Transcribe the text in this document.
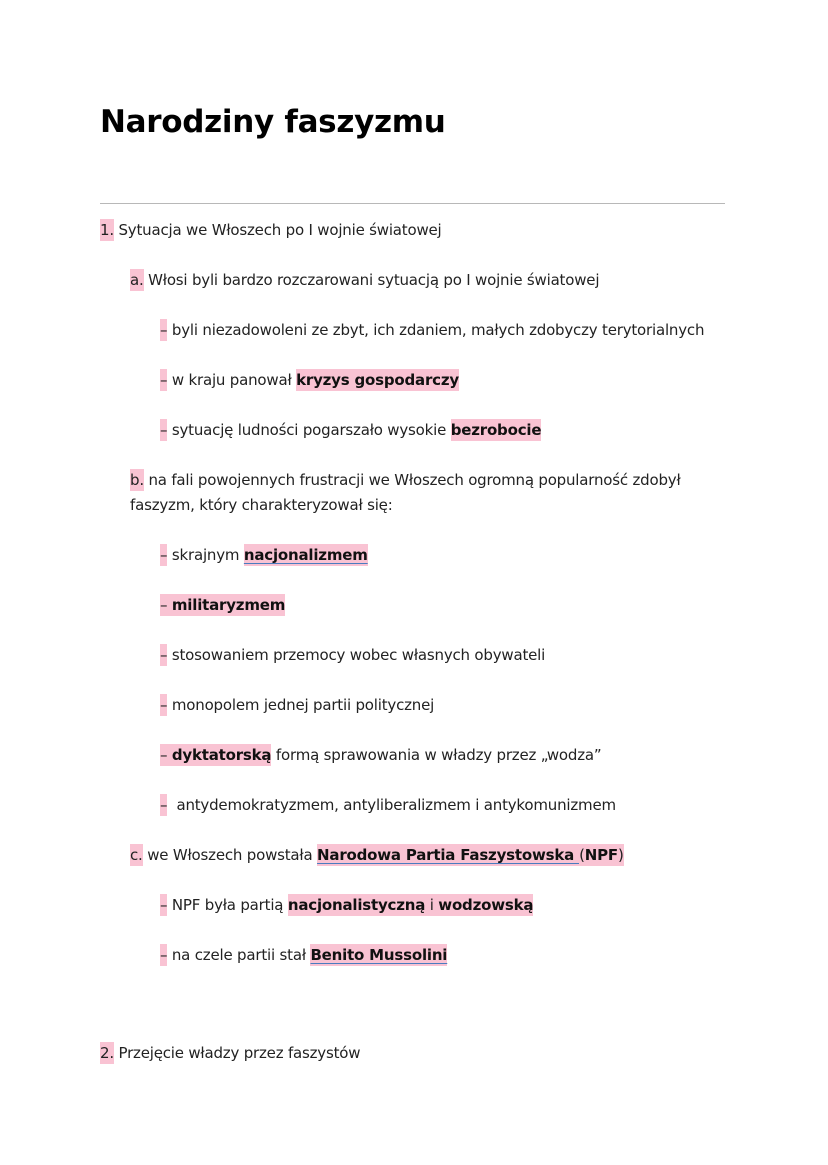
Narodziny faszyzmu
1. Sytuacja we Włoszech po I wojnie światowej
a. Włosi byli bardzo rozczarowani sytuacją po I wojnie światowej
– byli niezadowoleni ze zbyt, ich zdaniem, małych zdobyczy terytorialnych
– w kraju panował kryzys gospodarczy
– sytuację ludności pogarszało wysokie bezrobocie
b. na fali powojennych frustracji we Włoszech ogromną popularność zdobył faszyzm, który charakteryzował się:
– skrajnym nacjonalizmem
– militaryzmem
– stosowaniem przemocy wobec własnych obywateli
– monopolem jednej partii politycznej
– dyktatorską formą sprawowania w władzy przez „wodza”
–  antydemokratyzmem, antyliberalizmem i antykomunizmem
c. we Włoszech powstała Narodowa Partia Faszystowska (NPF)
– NPF była partią nacjonalistyczną i wodzowską
– na czele partii stał Benito Mussolini
2. Przejęcie władzy przez faszystów
